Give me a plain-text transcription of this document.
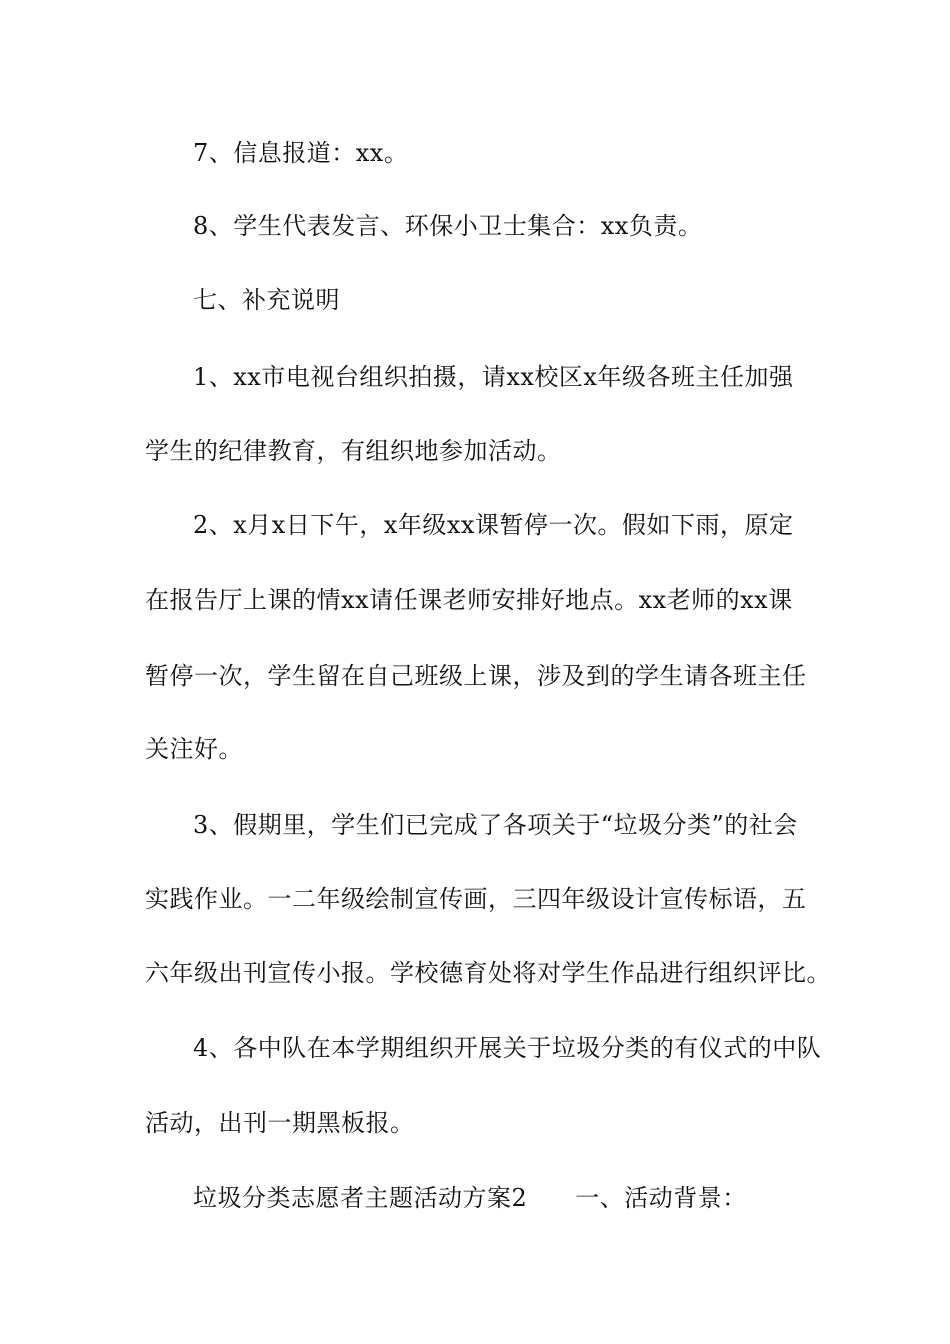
7、信息报道：xx。
8、学生代表发言、环保小卫士集合：xx负责。
七、补充说明
1、xx市电视台组织拍摄，请xx校区x年级各班主任加强
学生的纪律教育，有组织地参加活动。
2、x月x日下午，x年级xx课暂停一次。假如下雨，原定
在报告厅上课的情xx请任课老师安排好地点。xx老师的xx课
暂停一次，学生留在自己班级上课，涉及到的学生请各班主任
关注好。
3、假期里，学生们已完成了各项关于“垃圾分类”的社会
实践作业。一二年级绘制宣传画，三四年级设计宣传标语，五
六年级出刊宣传小报。学校德育处将对学生作品进行组织评比。
4、各中队在本学期组织开展关于垃圾分类的有仪式的中队
活动，出刊一期黑板报。
垃圾分类志愿者主题活动方案2 一、活动背景：
